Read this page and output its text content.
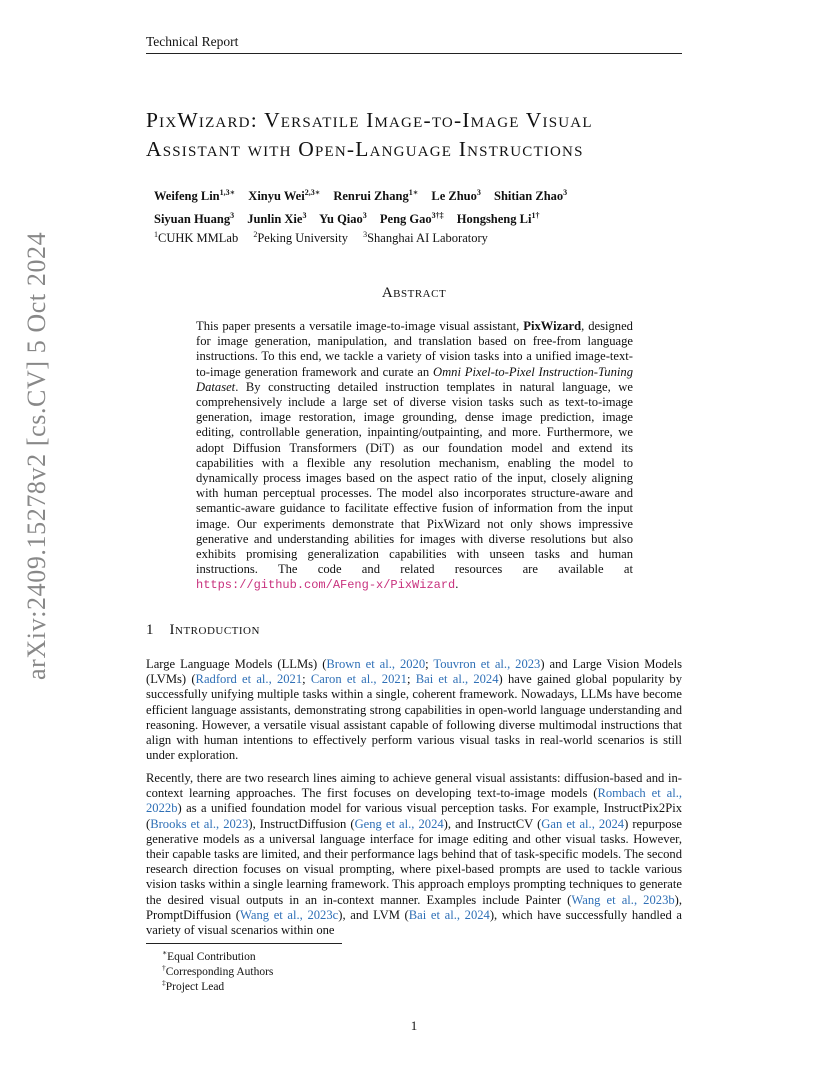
Technical Report
arXiv:2409.15278v2 [cs.CV] 5 Oct 2024
PixWizard: Versatile Image-to-Image Visual
Assistant with Open-Language Instructions
Weifeng Lin$^{1,3∗}$ Xinyu Wei$^{2,3∗}$ Renrui Zhang$^{1∗}$ Le Zhuo$^3$ Shitian Zhao$^3$
Siyuan Huang$^3$ Junlin Xie$^3$ Yu Qiao$^3$ Peng Gao$^{3\dagger\ddagger}$ Hongsheng $Li^{1\dagger}$
$^1$CUHK MMLab $^2$Peking University $^3$Shanghai AI Laboratory
Abstract

This paper presents a versatile image-to-image visual assistant, PixWizard, designed for image generation, manipulation, and translation based on free-from language instructions. To this end, we tackle a variety of vision tasks into a unified image-text-to-image generation framework and curate an Omni Pixel-to-Pixel Instruction-Tuning Dataset. By constructing detailed instruction templates in natural language, we comprehensively include a large set of diverse vision tasks such as text-to-image generation, image restoration, image grounding, dense image prediction, image editing, controllable generation, inpainting/outpainting, and more. Furthermore, we adopt Diffusion Transformers (DiT) as our foundation model and extend its capabilities with a flexible any resolution mechanism, enabling the model to dynamically process images based on the aspect ratio of the input, closely aligning with human perceptual processes. The model also incorporates structure-aware and semantic-aware guidance to facilitate effective fusion of information from the input image. Our experiments demonstrate that PixWizard not only shows impressive generative and understanding abilities for images with diverse resolutions but also exhibits promising generalization capabilities with unseen tasks and human instructions. The code and related resources are available at https://github.com/AFeng-x/PixWizard.

1 Introduction

Large Language Models (LLMs) (Brown et al., 2020; Touvron et al., 2023) and Large Vision Models (LVMs) (Radford et al., 2021; Caron et al., 2021; Bai et al., 2024) have gained global popularity by successfully unifying multiple tasks within a single, coherent framework. Nowadays, LLMs have become efficient language assistants, demonstrating strong capabilities in open-world language understanding and reasoning. However, a versatile visual assistant capable of following diverse multimodal instructions that align with human intentions to effectively perform various visual tasks in real-world scenarios is still under exploration.

Recently, there are two research lines aiming to achieve general visual assistants: diffusion-based and in-context learning approaches. The first focuses on developing text-to-image models (Rombach et al., 2022b) as a unified foundation model for various visual perception tasks. For example, InstructPix2Pix (Brooks et al., 2023), InstructDiffusion (Geng et al., 2024), and InstructCV (Gan et al., 2024) repurpose generative models as a universal language interface for image editing and other visual tasks. However, their capable tasks are limited, and their performance lags behind that of task-specific models. The second research direction focuses on visual prompting, where pixel-based prompts are used to tackle various vision tasks within a single learning framework. This approach employs prompting techniques to generate the desired visual outputs in an in-context manner. Examples include Painter (Wang et al., 2023b), PromptDiffusion (Wang et al., 2023c), and LVM (Bai et al., 2024), which have successfully handled a variety of visual scenarios within one

∗Equal Contribution
†Corresponding Authors
‡Project Lead
1
